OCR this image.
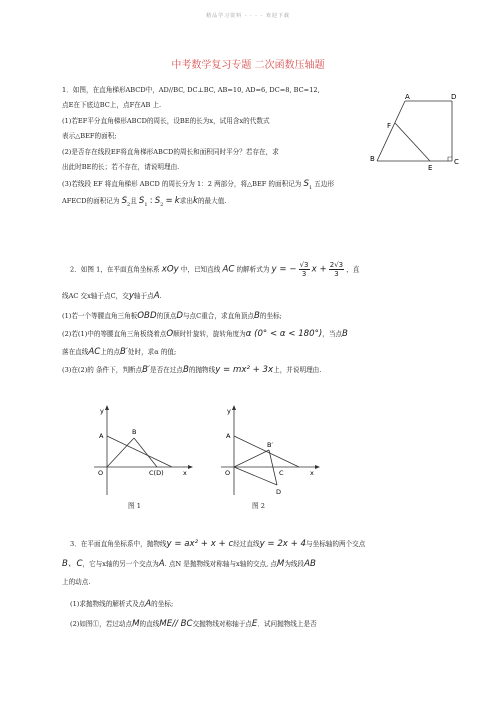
精品学习资料 - - - - 欢迎下载
中考数学复习专题 二次函数压轴题
1．如图，在直角梯形ABCD中，AD//BC, DC⊥BC, AB=10, AD=6, DC=8, BC=12,
点E在下底边BC上，点F在AB 上.
(1)若EF平分直角梯形ABCD的周长，设BE的长为x，试用含x的代数式
表示△BEF的面积;
(2)是否存在线段EF将直角梯形ABCD的周长和面积同时平分？若存在，求
出此时BE的长；若不存在，请说明理由.
(3)若线段 EF 将直角梯形 ABCD 的周长分为 1：2 两部分，将△BEF 的面积记为 $S_1$ 五边形
AFECD的面积记为 $S_2$且 $S_1$ : $S_2 = k$求出k的最大值.
A	D
F
B
E
C
2．如图 1，在平面直角坐标系 xOy 中，已知直线 AC 的解析式为 y = − $\frac{√3}{3}$ $x + \frac{2√3}{3}$ ，直
线AC 交x轴于点C，交y轴于点A.
(1)若一个等腰直角三角板OBD的顶点D与点C重合，求直角顶点B的坐标;
(2)若(1)中的等腰直角三角板绕着点O顺时针旋转，旋转角度为α (0° < α < 180°)，当点B
落在直线AC上的点B′处时，求α 的值;
(3)在(2)的 条件下，判断点B′是否在过点B的抛物线y = mx² + 3x上，并说明理由.
y
A	B
O	C(D)	x
图 1
y
A
B′
O	C	x
D
图 2
3．在平面直角坐标系中，抛物线y = ax² + x + c经过直线y = 2x + 4与坐标轴的两个交点
B、C，它与x轴的另一个交点为A. 点N 是抛物线对称轴与x轴的交点, 点M为线段AB
上的动点.
(1)求抛物线的解析式及点A的坐标;
(2)如图①，若过动点M的直线ME// BC交抛物线对称轴于点E．试问抛物线上是否
